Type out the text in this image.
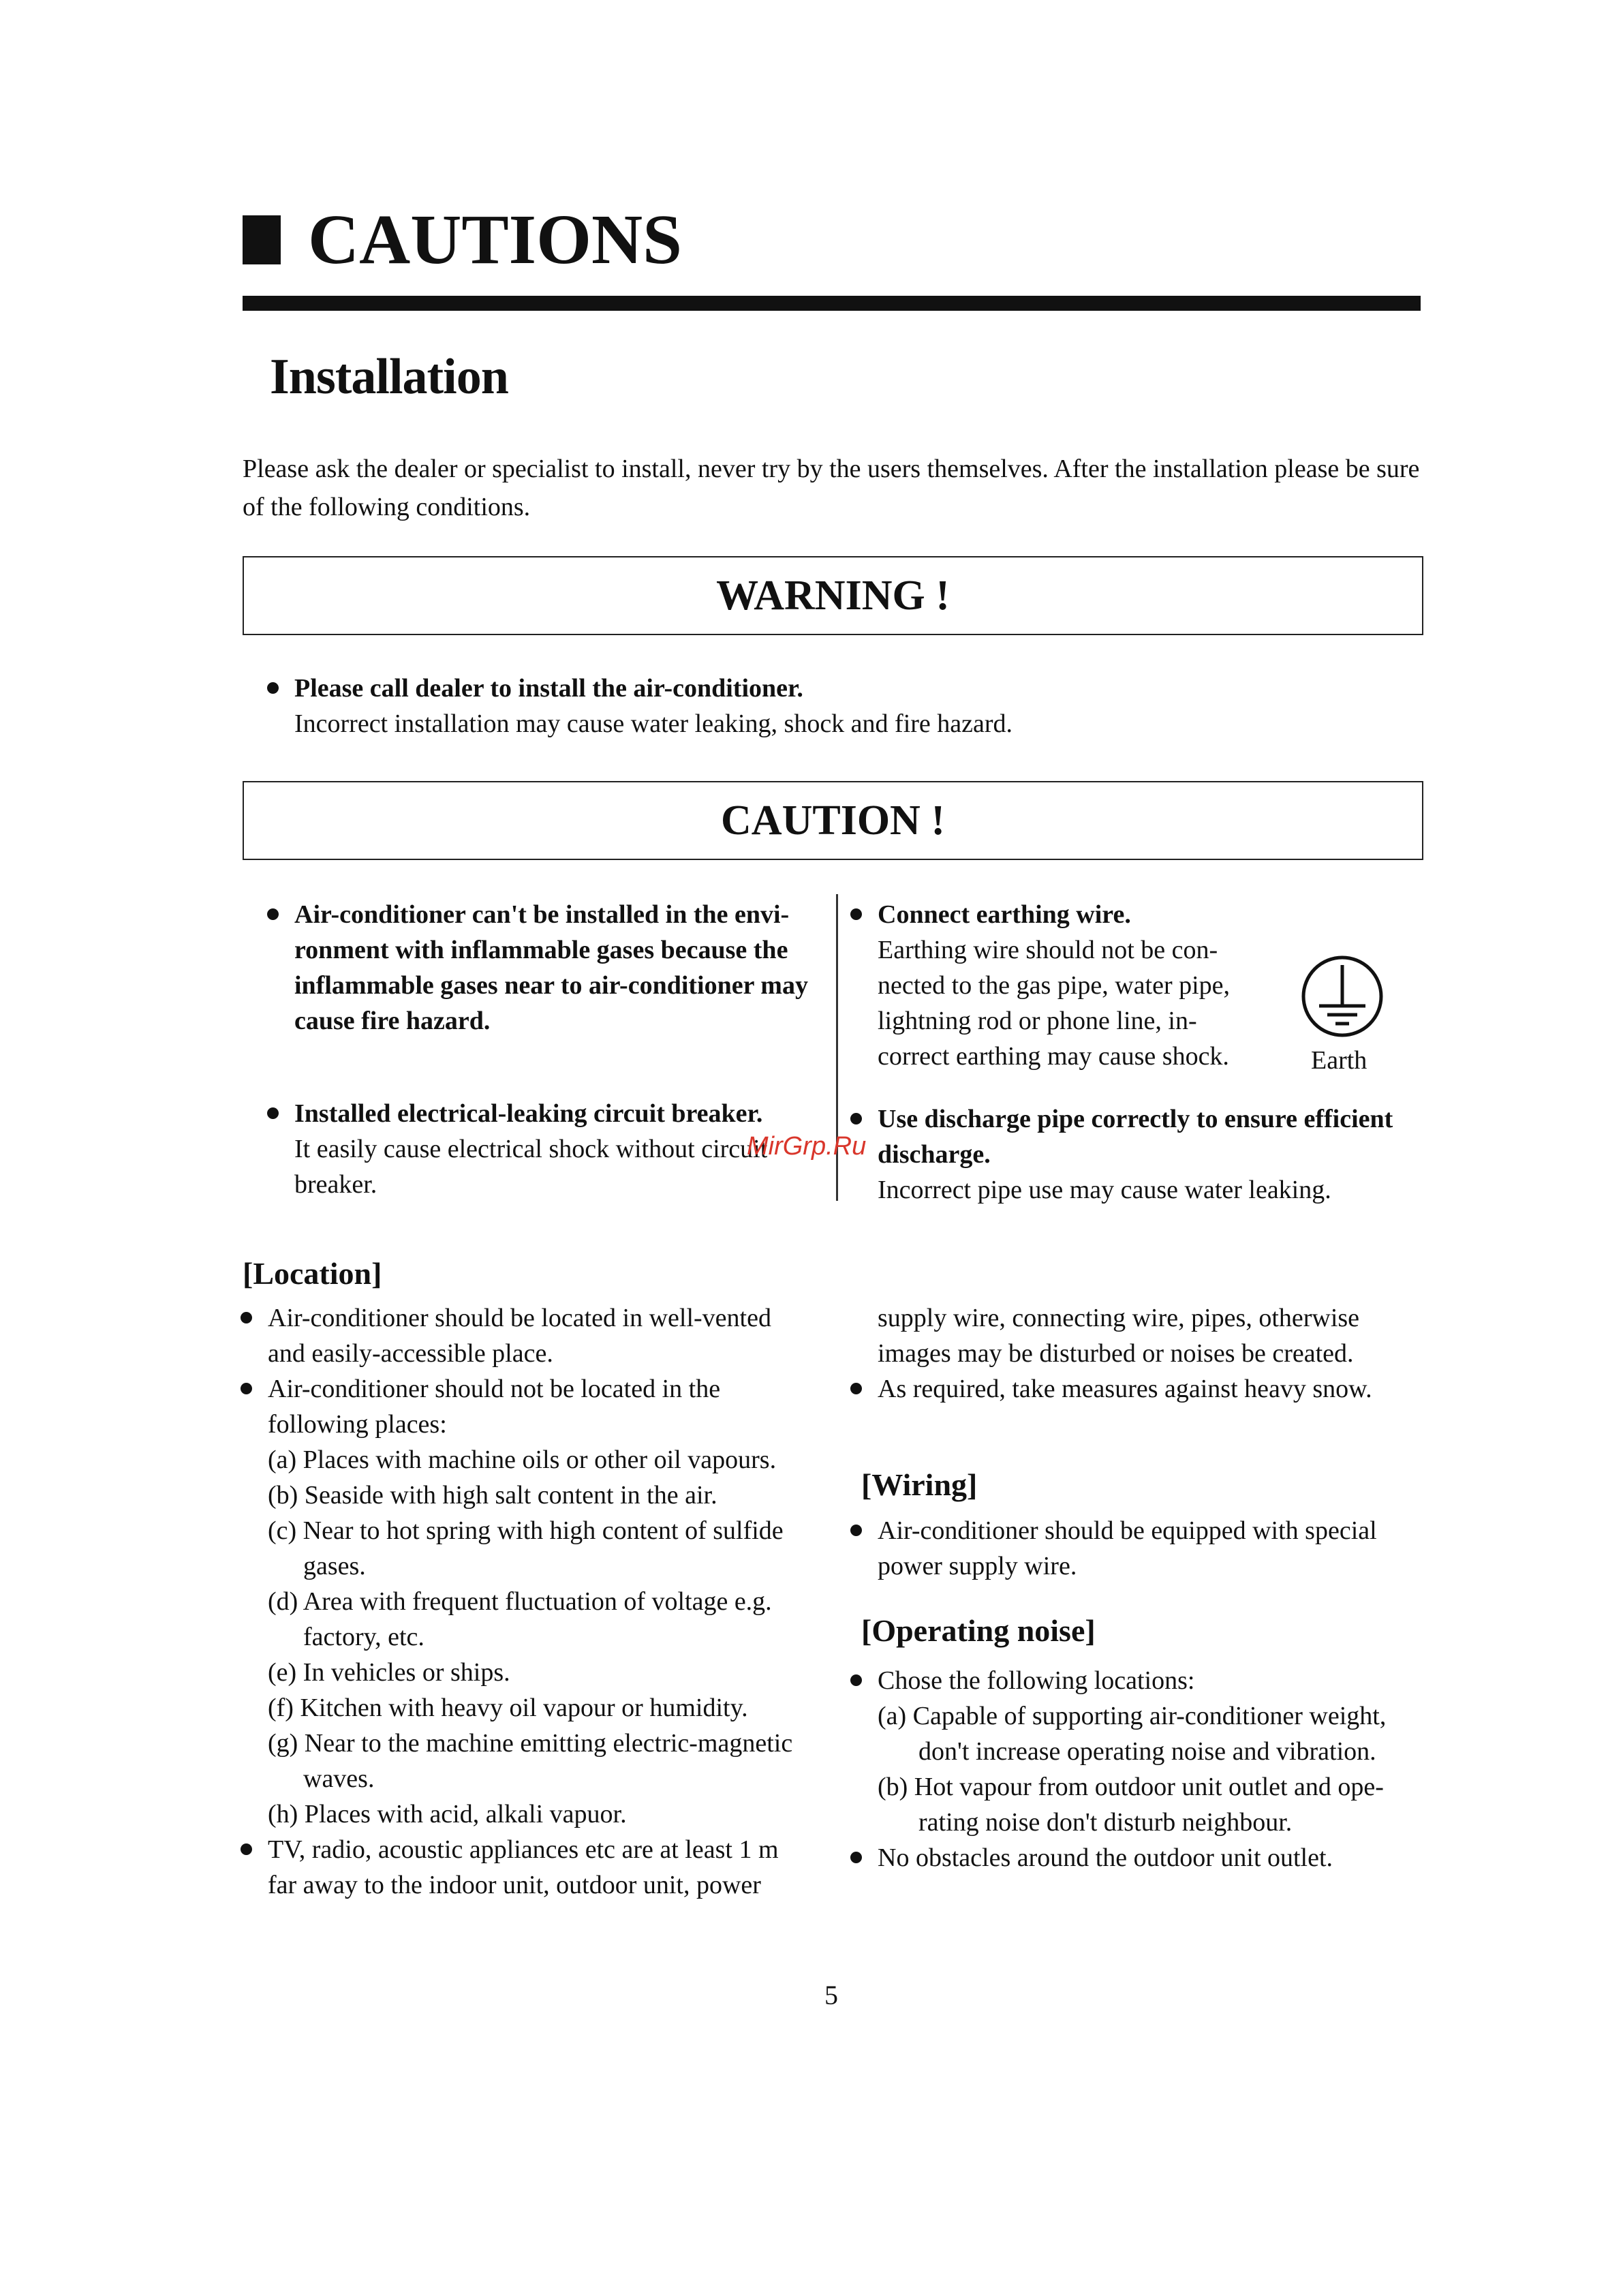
CAUTIONS
Installation
Please ask the dealer or specialist to install, never try by the users themselves. After the installation please be sure of the following conditions.
WARNING !
Please call dealer to install the air-conditioner.
Incorrect installation may cause water leaking, shock and fire hazard.
CAUTION !
Air-conditioner can't be installed in the envi- ronment with inflammable gases because the inflammable gases near to air-conditioner may cause fire hazard.
Installed electrical-leaking circuit breaker.
It easily cause electrical shock without circuit breaker.
Connect earthing wire.
Earthing wire should not be con- nected to the gas pipe, water pipe, lightning rod or phone line, in- correct earthing may cause shock.	Earth
Use discharge pipe correctly to ensure efficient discharge.
Incorrect pipe use may cause water leaking.
MirGrp.Ru
[Location]
Air-conditioner should be located in well-vented and easily-accessible place.
Air-conditioner should not be located in the following places:
(a) Places with machine oils or other oil vapours.
(b) Seaside with high salt content in the air.
(c) Near to hot spring with high content of sulfide gases.
(d) Area with frequent fluctuation of voltage e.g. factory, etc.
(e) In vehicles or ships.
(f) Kitchen with heavy oil vapour or humidity.
(g) Near to the machine emitting electric-magnetic waves.
(h) Places with acid, alkali vapuor.
TV, radio, acoustic appliances etc are at least 1 m far away to the indoor unit, outdoor unit, power
supply wire, connecting wire, pipes, otherwise images may be disturbed or noises be created.
As required, take measures against heavy snow.
[Wiring]
Air-conditioner should be equipped with special power supply wire.
[Operating noise]
Chose the following locations:
(a) Capable of supporting air-conditioner weight, don't increase operating noise and vibration.
(b) Hot vapour from outdoor unit outlet and ope- rating noise don't disturb neighbour.
No obstacles around the outdoor unit outlet.
5
